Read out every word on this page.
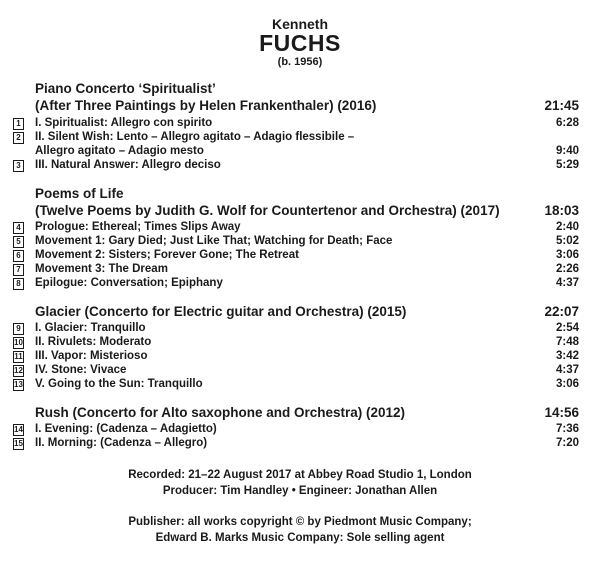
Kenneth
FUCHS
(b. 1956)
Piano Concerto ‘Spiritualist’
(After Three Paintings by Helen Frankenthaler) (2016)	21:45
1 I. Spiritualist: Allegro con spirito	6:28
2 II. Silent Wish: Lento – Allegro agitato – Adagio flessibile –
Allegro agitato – Adagio mesto	9:40
3 III. Natural Answer: Allegro deciso	5:29
Poems of Life
(Twelve Poems by Judith G. Wolf for Countertenor and Orchestra) (2017)	18:03
4 Prologue: Ethereal; Times Slips Away	2:40
5 Movement 1: Gary Died; Just Like That; Watching for Death; Face	5:02
6 Movement 2: Sisters; Forever Gone; The Retreat	3:06
7 Movement 3: The Dream	2:26
8 Epilogue: Conversation; Epiphany	4:37
Glacier (Concerto for Electric guitar and Orchestra) (2015)	22:07
9 I. Glacier: Tranquillo	2:54
10 II. Rivulets: Moderato	7:48
11 III. Vapor: Misterioso	3:42
12 IV. Stone: Vivace	4:37
13 V. Going to the Sun: Tranquillo	3:06
Rush (Concerto for Alto saxophone and Orchestra) (2012)	14:56
14 I. Evening: (Cadenza – Adagietto)	7:36
15 II. Morning: (Cadenza – Allegro)	7:20
Recorded: 21–22 August 2017 at Abbey Road Studio 1, London
Producer: Tim Handley • Engineer: Jonathan Allen
Publisher: all works copyright © by Piedmont Music Company;
Edward B. Marks Music Company: Sole selling agent
